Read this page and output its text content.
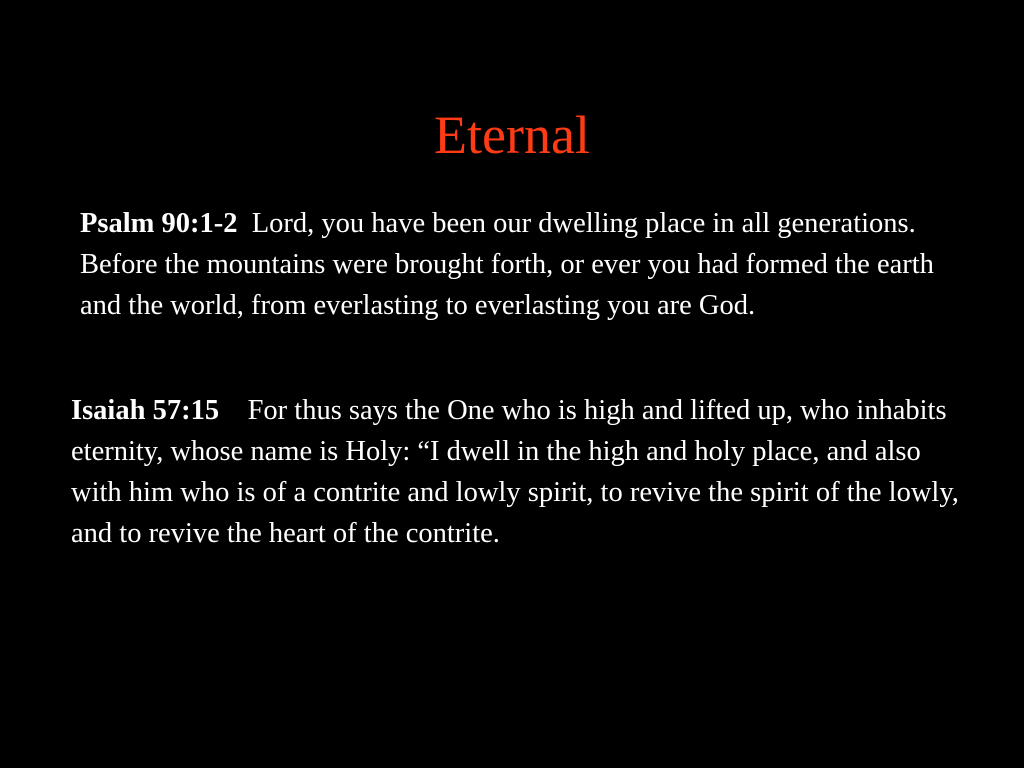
Eternal

Psalm 90:1-2 Lord, you have been our dwelling place in all generations. Before the mountains were brought forth, or ever you had formed the earth and the world, from everlasting to everlasting you are God.

Isaiah 57:15 For thus says the One who is high and lifted up, who inhabits eternity, whose name is Holy: “I dwell in the high and holy place, and also with him who is of a contrite and lowly spirit, to revive the spirit of the lowly, and to revive the heart of the contrite.
